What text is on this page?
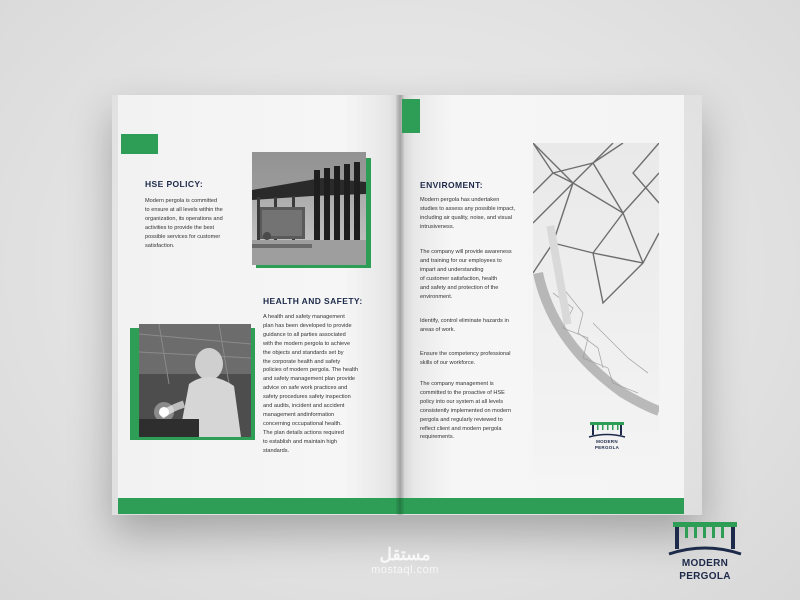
HSE POLICY:
Modern pergola is committed
to ensure at all levels within the
organization, its operations and
activities to provide the best
possible services for customer
satisfaction.
HEALTH AND SAFETY:
A health and safety management
plan has been developed to provide
guidance to all parties associated
with the modern pergola to achieve
the objects and standards set by
the corporate health and safety
policies of modern pergola. The health
and safety management plan provide
advice on safe work practices and
safety procedures safety inspection
and audits, incident and accident
management andinformation
concerning occupational health.
The plan details actions required
to establish and maintain high
standards.
ENVIROMENT:
Modern pergola has undertaken
studies to assess any possible impact,
including air quality, noise, and visual
intrusiveness.
The company will provide awareness
and training for our employees to
impart and understanding
of customer satisfaction, health
and safety and protection of the
environment.
Identify, control eliminate hazards in
areas of work.
Ensure the competency professional
skills of our workforce.
The company management is
committed to the proactive of HSE
policy into our system at all levels
consistently implemented on modern
pergola and regularly reviewed to
reflect client and modern pergola
requirements.
MODERN
PERGOLA
MODERN
PERGOLA
مستقل
mostaql.com
